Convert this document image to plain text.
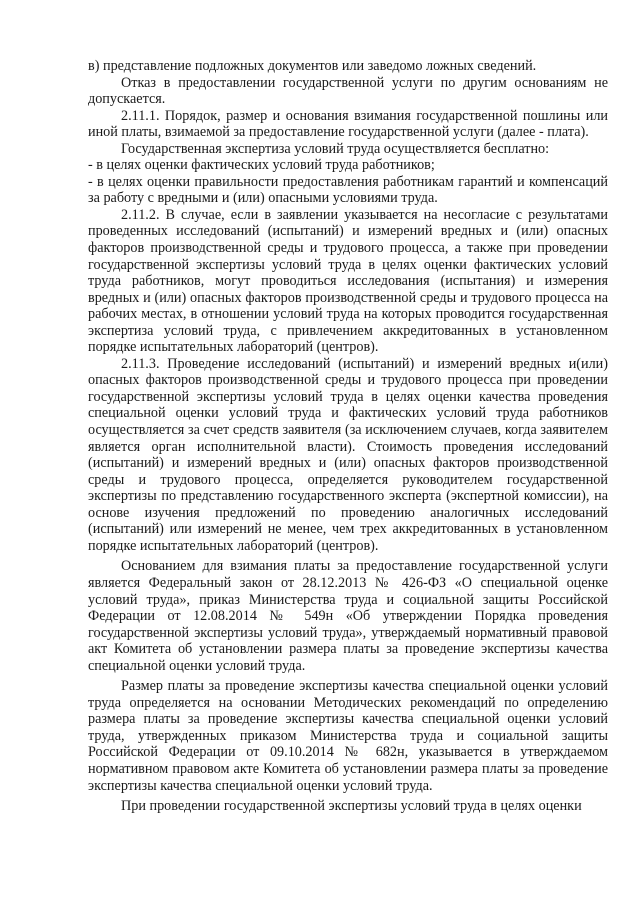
в) представление подложных документов или заведомо ложных сведений.

Отказ в предоставлении государственной услуги по другим основаниям не допускается.

2.11.1. Порядок, размер и основания взимания государственной пошлины или иной платы, взимаемой за предоставление государственной услуги (далее - плата).

Государственная экспертиза условий труда осуществляется бесплатно:

- в целях оценки фактических условий труда работников;

- в целях оценки правильности предоставления работникам гарантий и компенсаций за работу с вредными и (или) опасными условиями труда.

2.11.2. В случае, если в заявлении указывается на несогласие с результатами проведенных исследований (испытаний) и измерений вредных и (или) опасных факторов производственной среды и трудового процесса, а также при проведении государственной экспертизы условий труда в целях оценки фактических условий труда работников, могут проводиться исследования (испытания) и измерения вредных и (или) опасных факторов производственной среды и трудового процесса на рабочих местах, в отношении условий труда на которых проводится государственная экспертиза условий труда, с привлечением аккредитованных в установленном порядке испытательных лабораторий (центров).

2.11.3. Проведение исследований (испытаний) и измерений вредных и(или) опасных факторов производственной среды и трудового процесса при проведении государственной экспертизы условий труда в целях оценки качества проведения специальной оценки условий труда и фактических условий труда работников осуществляется за счет средств заявителя (за исключением случаев, когда заявителем является орган исполнительной власти). Стоимость проведения исследований (испытаний) и измерений вредных и (или) опасных факторов производственной среды и трудового процесса, определяется руководителем государственной экспертизы по представлению государственного эксперта (экспертной комиссии), на основе изучения предложений по проведению аналогичных исследований (испытаний) или измерений не менее, чем трех аккредитованных в установленном порядке испытательных лабораторий (центров).

Основанием для взимания платы за предоставление государственной услуги является Федеральный закон от 28.12.2013 № 426-ФЗ «О специальной оценке условий труда», приказ Министерства труда и социальной защиты Российской Федерации от 12.08.2014 № 549н «Об утверждении Порядка проведения государственной экспертизы условий труда», утверждаемый нормативный правовой акт Комитета об установлении размера платы за проведение экспертизы качества специальной оценки условий труда.

Размер платы за проведение экспертизы качества специальной оценки условий труда определяется на основании Методических рекомендаций по определению размера платы за проведение экспертизы качества специальной оценки условий труда, утвержденных приказом Министерства труда и социальной защиты Российской Федерации от 09.10.2014 № 682н, указывается в утверждаемом нормативном правовом акте Комитета об установлении размера платы за проведение экспертизы качества специальной оценки условий труда.

При проведении государственной экспертизы условий труда в целях оценки
